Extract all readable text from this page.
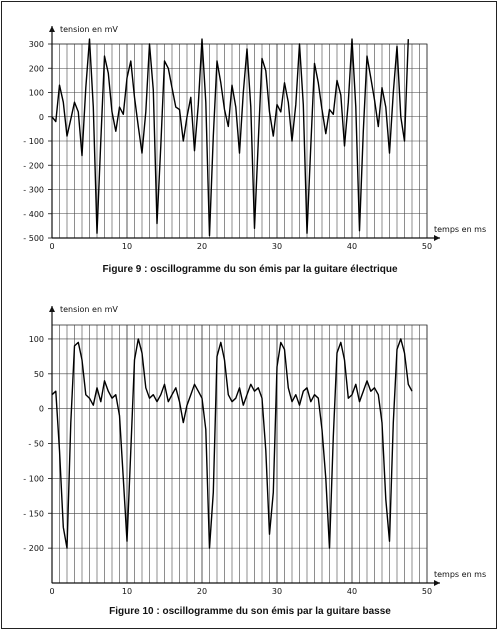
300
200
100
0
- 100
- 200
- 300
- 400
- 500
0	10	20	30	40	50
tension en mV
temps en ms
Figure 9 : oscillogramme du son émis par la guitare électrique
100
50
0
- 50
- 100
- 150
- 200
0	10	20	30	40	50
tension en mV
temps en ms
Figure 10 : oscillogramme du son émis par la guitare basse
